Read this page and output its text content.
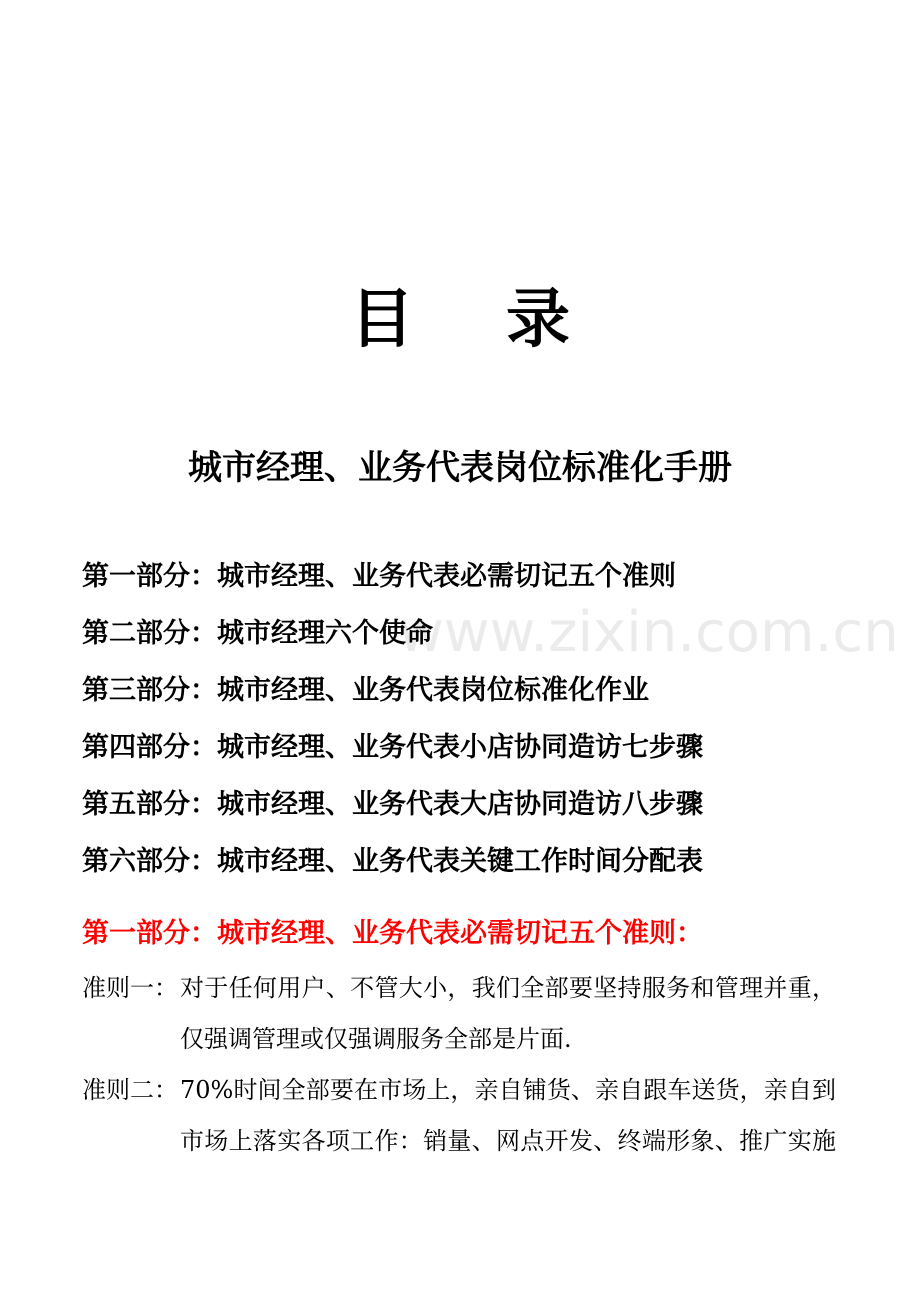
www.zixin.com.cn
目录
城市经理、业务代表岗位标准化手册
第一部分：城市经理、业务代表必需切记五个准则
第二部分：城市经理六个使命
第三部分：城市经理、业务代表岗位标准化作业
第四部分：城市经理、业务代表小店协同造访七步骤
第五部分：城市经理、业务代表大店协同造访八步骤
第六部分：城市经理、业务代表关键工作时间分配表
第一部分：城市经理、业务代表必需切记五个准则：
准则一： 对于任何用户、不管大小，我们全部要坚持服务和管理并重，
仅强调管理或仅强调服务全部是片面.
准则二： 70%时间全部要在市场上，亲自铺货、亲自跟车送货，亲自到
市场上落实各项工作：销量、网点开发、终端形象、推广实施
